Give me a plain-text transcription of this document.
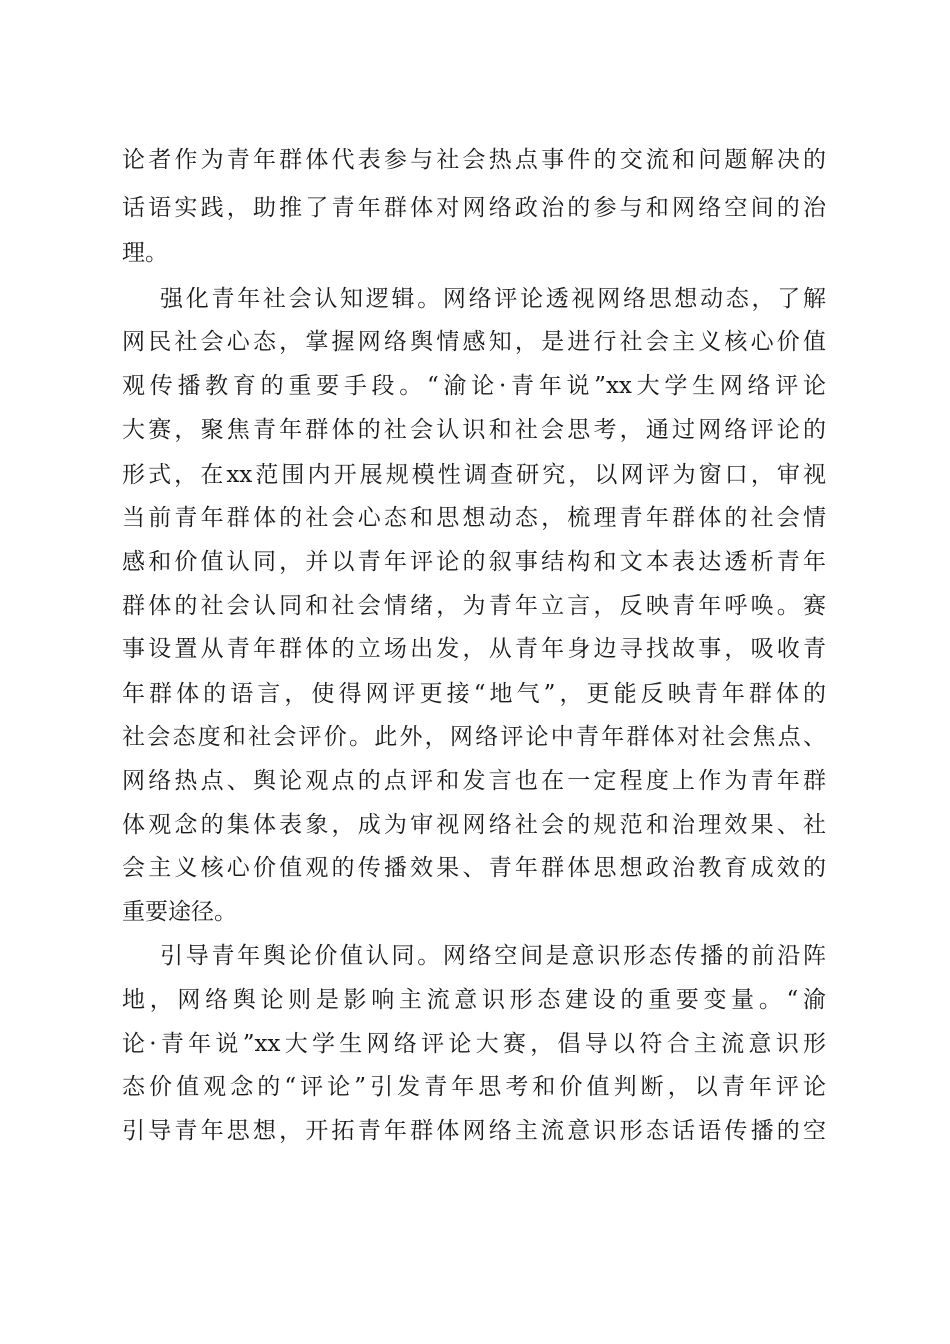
论者作为青年群体代表参与社会热点事件的交流和问题解决的
话语实践，助推了青年群体对网络政治的参与和网络空间的治
理。
强化青年社会认知逻辑。网络评论透视网络思想动态，了解
网民社会心态，掌握网络舆情感知，是进行社会主义核心价值
观传播教育的重要手段。“渝论·青年说”xx大学生网络评论
大赛，聚焦青年群体的社会认识和社会思考，通过网络评论的
形式，在xx范围内开展规模性调查研究，以网评为窗口，审视
当前青年群体的社会心态和思想动态，梳理青年群体的社会情
感和价值认同，并以青年评论的叙事结构和文本表达透析青年
群体的社会认同和社会情绪，为青年立言，反映青年呼唤。赛
事设置从青年群体的立场出发，从青年身边寻找故事，吸收青
年群体的语言，使得网评更接“地气”，更能反映青年群体的
社会态度和社会评价。此外，网络评论中青年群体对社会焦点、
网络热点、舆论观点的点评和发言也在一定程度上作为青年群
体观念的集体表象，成为审视网络社会的规范和治理效果、社
会主义核心价值观的传播效果、青年群体思想政治教育成效的
重要途径。
引导青年舆论价值认同。网络空间是意识形态传播的前沿阵
地，网络舆论则是影响主流意识形态建设的重要变量。“渝
论·青年说”xx大学生网络评论大赛，倡导以符合主流意识形
态价值观念的“评论”引发青年思考和价值判断，以青年评论
引导青年思想，开拓青年群体网络主流意识形态话语传播的空
